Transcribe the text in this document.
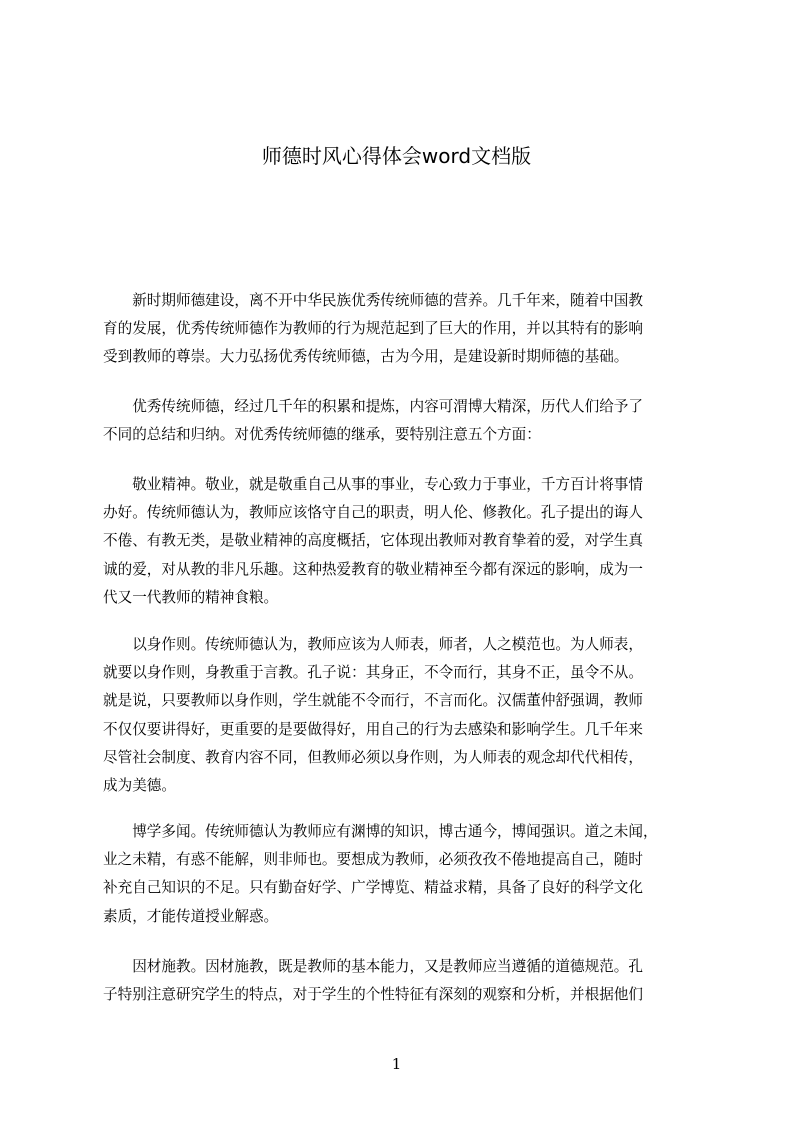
师德时风心得体会word文档版
　　新时期师德建设，离不开中华民族优秀传统师德的营养。几千年来，随着中国教
育的发展，优秀传统师德作为教师的行为规范起到了巨大的作用，并以其特有的影响
受到教师的尊崇。大力弘扬优秀传统师德，古为今用，是建设新时期师德的基础。
　　优秀传统师德，经过几千年的积累和提炼，内容可渭博大精深，历代人们给予了
不同的总结和归纳。对优秀传统师德的继承，要特别注意五个方面：
　　敬业精神。敬业，就是敬重自己从事的事业，专心致力于事业，千方百计将事情
办好。传统师德认为，教师应该恪守自己的职责，明人伦、修教化。孔子提出的诲人
不倦、有教无类，是敬业精神的高度概括，它体现出教师对教育挚着的爱，对学生真
诚的爱，对从教的非凡乐趣。这种热爱教育的敬业精神至今都有深远的影响，成为一
代又一代教师的精神食粮。
　　以身作则。传统师德认为，教师应该为人师表，师者，人之模范也。为人师表，
就要以身作则，身教重于言教。孔子说：其身正，不令而行，其身不正，虽令不从。
就是说，只要教师以身作则，学生就能不令而行，不言而化。汉儒董仲舒强调，教师
不仅仅要讲得好，更重要的是要做得好，用自己的行为去感染和影响学生。几千年来
尽管社会制度、教育内容不同，但教师必须以身作则，为人师表的观念却代代相传，
成为美德。
　　博学多闻。传统师德认为教师应有渊博的知识，博古通今，博闻强识。道之未闻，
业之未精，有惑不能解，则非师也。要想成为教师，必须孜孜不倦地提高自己，随时
补充自己知识的不足。只有勤奋好学、广学博览、精益求精，具备了良好的科学文化
素质，才能传道授业解惑。
　　因材施教。因材施教，既是教师的基本能力，又是教师应当遵循的道德规范。孔
子特别注意研究学生的特点，对于学生的个性特征有深刻的观察和分析，并根据他们
1
